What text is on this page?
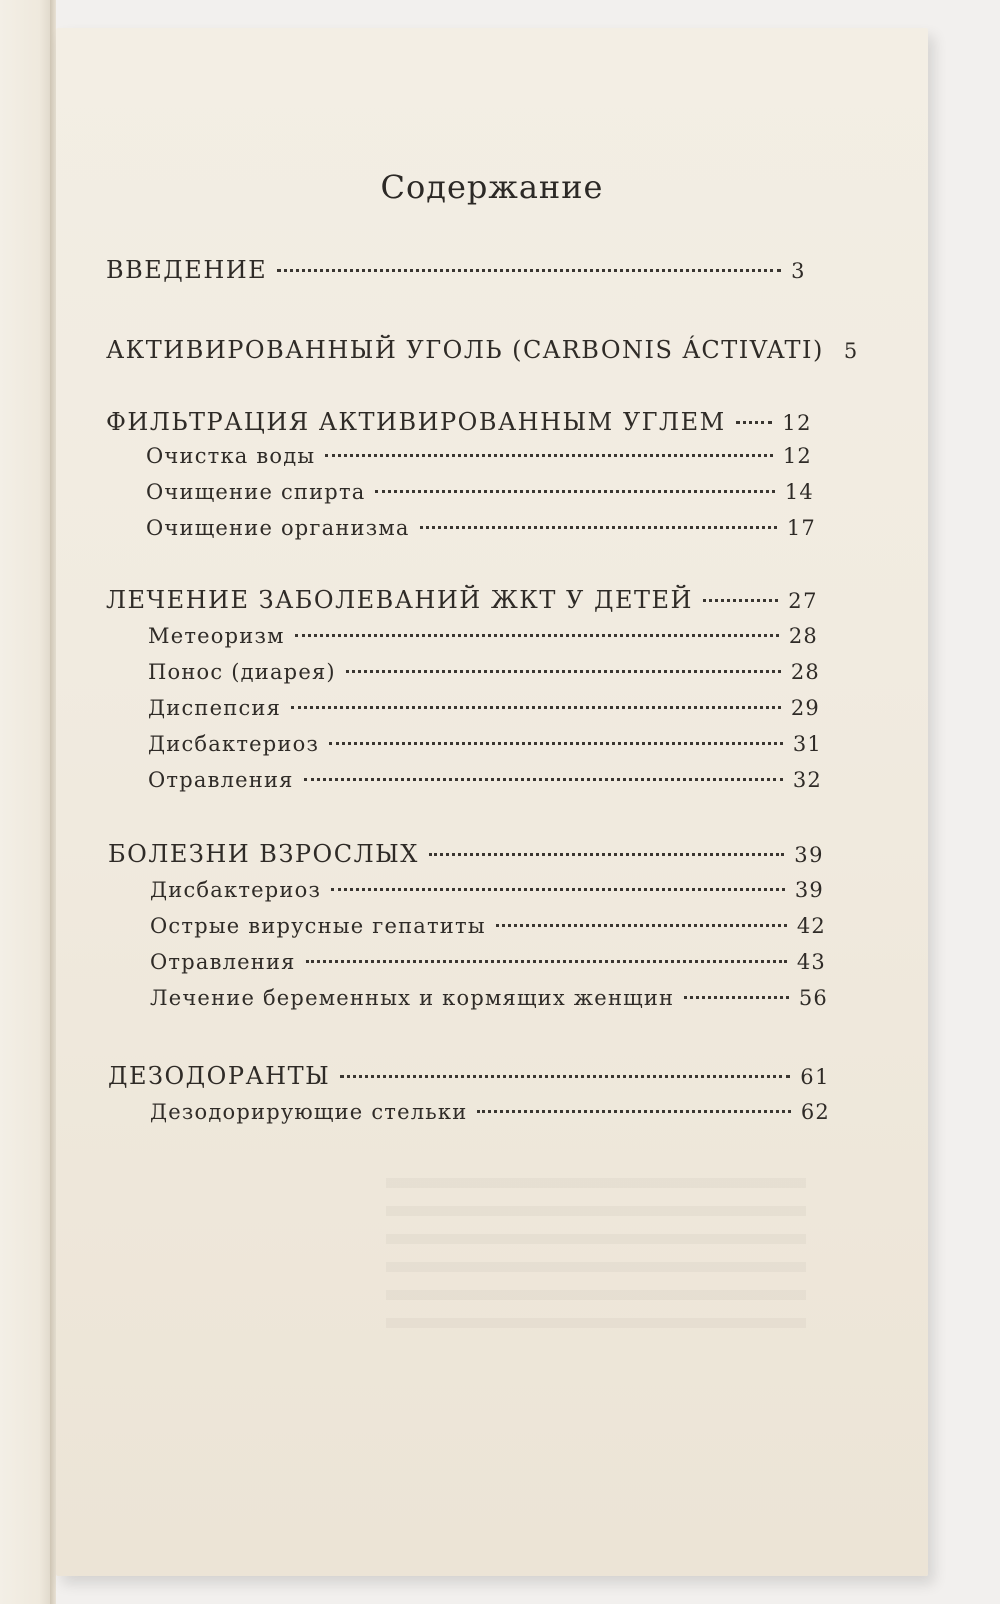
Содержание
ВВЕДЕНИЕ	3
АКТИВИРОВАННЫЙ УГОЛЬ (CARBONIS ÁCTIVATI) 5
ФИЛЬТРАЦИЯ АКТИВИРОВАННЫМ УГЛЕМ	12
Очистка воды	12
Очищение спирта	14
Очищение организма	17
ЛЕЧЕНИЕ ЗАБОЛЕВАНИЙ ЖКТ У ДЕТЕЙ	27
Метеоризм	28
Понос (диарея)	28
Диспепсия	29
Дисбактериоз	31
Отравления	32
БОЛЕЗНИ ВЗРОСЛЫХ	39
Дисбактериоз	39
Острые вирусные гепатиты	42
Отравления	43
Лечение беременных и кормящих женщин	56
ДЕЗОДОРАНТЫ	61
Дезодорирующие стельки	62
